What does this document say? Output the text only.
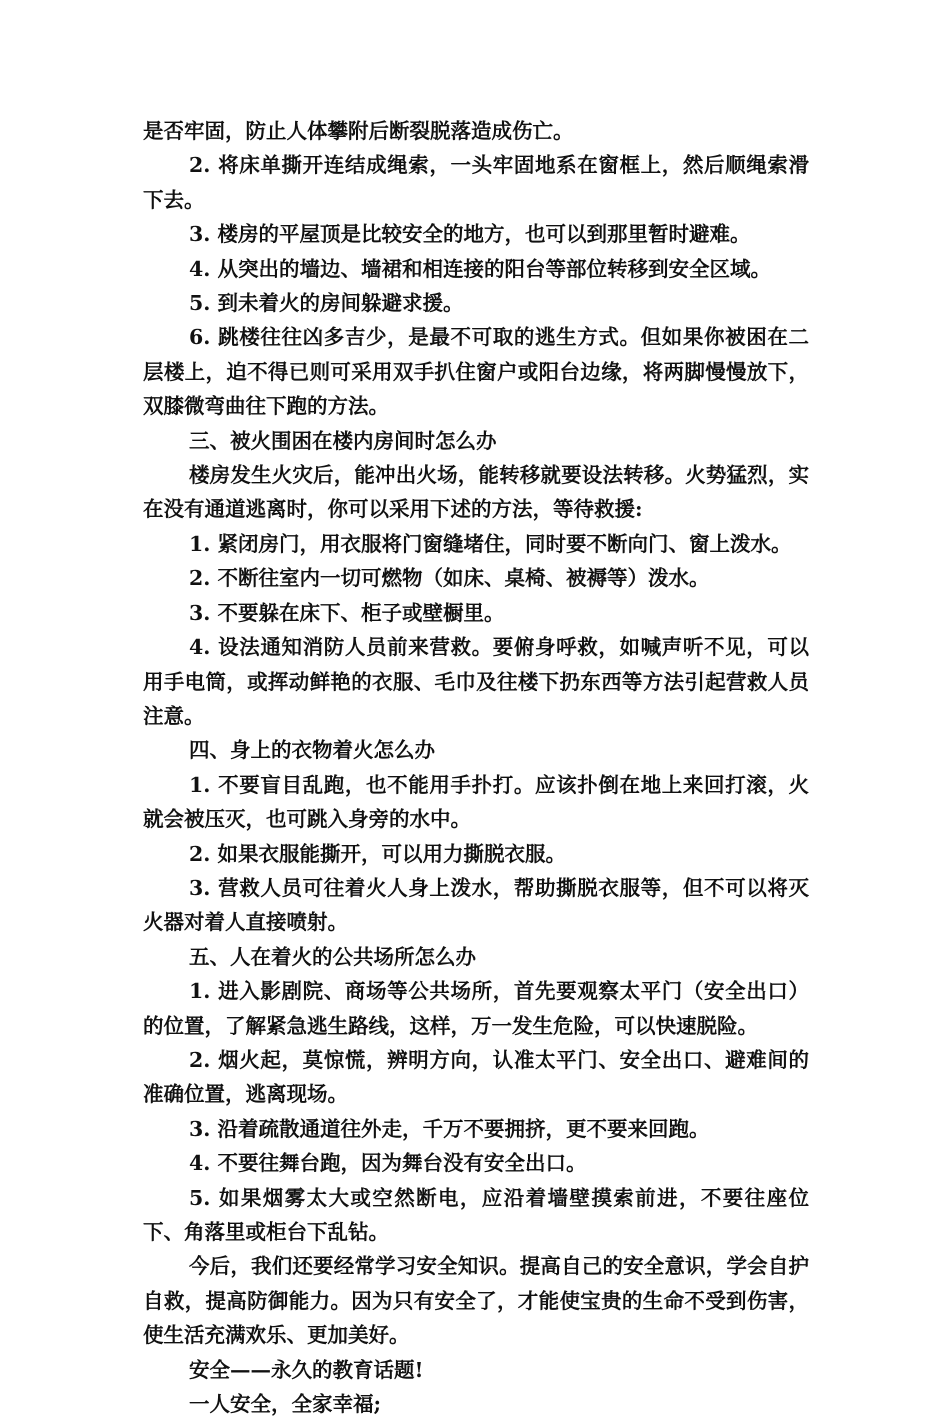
是否牢固，防止人体攀附后断裂脱落造成伤亡。

2. 将床单撕开连结成绳索，一头牢固地系在窗框上，然后顺绳索滑下去。

3. 楼房的平屋顶是比较安全的地方，也可以到那里暂时避难。

4. 从突出的墙边、墙裙和相连接的阳台等部位转移到安全区域。

5. 到未着火的房间躲避求援。

6. 跳楼往往凶多吉少，是最不可取的逃生方式。但如果你被困在二层楼上，迫不得已则可采用双手扒住窗户或阳台边缘，将两脚慢慢放下，双膝微弯曲往下跑的方法。

三、被火围困在楼内房间时怎么办

楼房发生火灾后，能冲出火场，能转移就要设法转移。火势猛烈，实在没有通道逃离时，你可以采用下述的方法，等待救援:

1. 紧闭房门，用衣服将门窗缝堵住，同时要不断向门、窗上泼水。

2. 不断往室内一切可燃物（如床、桌椅、被褥等）泼水。

3. 不要躲在床下、柜子或壁橱里。

4. 设法通知消防人员前来营救。要俯身呼救，如喊声听不见，可以用手电筒，或挥动鲜艳的衣服、毛巾及往楼下扔东西等方法引起营救人员注意。

四、身上的衣物着火怎么办

1. 不要盲目乱跑，也不能用手扑打。应该扑倒在地上来回打滚，火就会被压灭，也可跳入身旁的水中。

2. 如果衣服能撕开，可以用力撕脱衣服。

3. 营救人员可往着火人身上泼水，帮助撕脱衣服等，但不可以将灭火器对着人直接喷射。

五、人在着火的公共场所怎么办

1. 进入影剧院、商场等公共场所，首先要观察太平门（安全出口）的位置，了解紧急逃生路线，这样，万一发生危险，可以快速脱险。

2. 烟火起，莫惊慌，辨明方向，认准太平门、安全出口、避难间的准确位置，逃离现场。

3. 沿着疏散通道往外走，千万不要拥挤，更不要来回跑。

4. 不要往舞台跑，因为舞台没有安全出口。

5. 如果烟雾太大或空然断电，应沿着墙壁摸索前进，不要往座位下、角落里或柜台下乱钻。

今后，我们还要经常学习安全知识。提高自己的安全意识，学会自护自救，提高防御能力。因为只有安全了，才能使宝贵的生命不受到伤害，使生活充满欢乐、更加美好。

安全——永久的教育话题!

一人安全，全家幸福;
